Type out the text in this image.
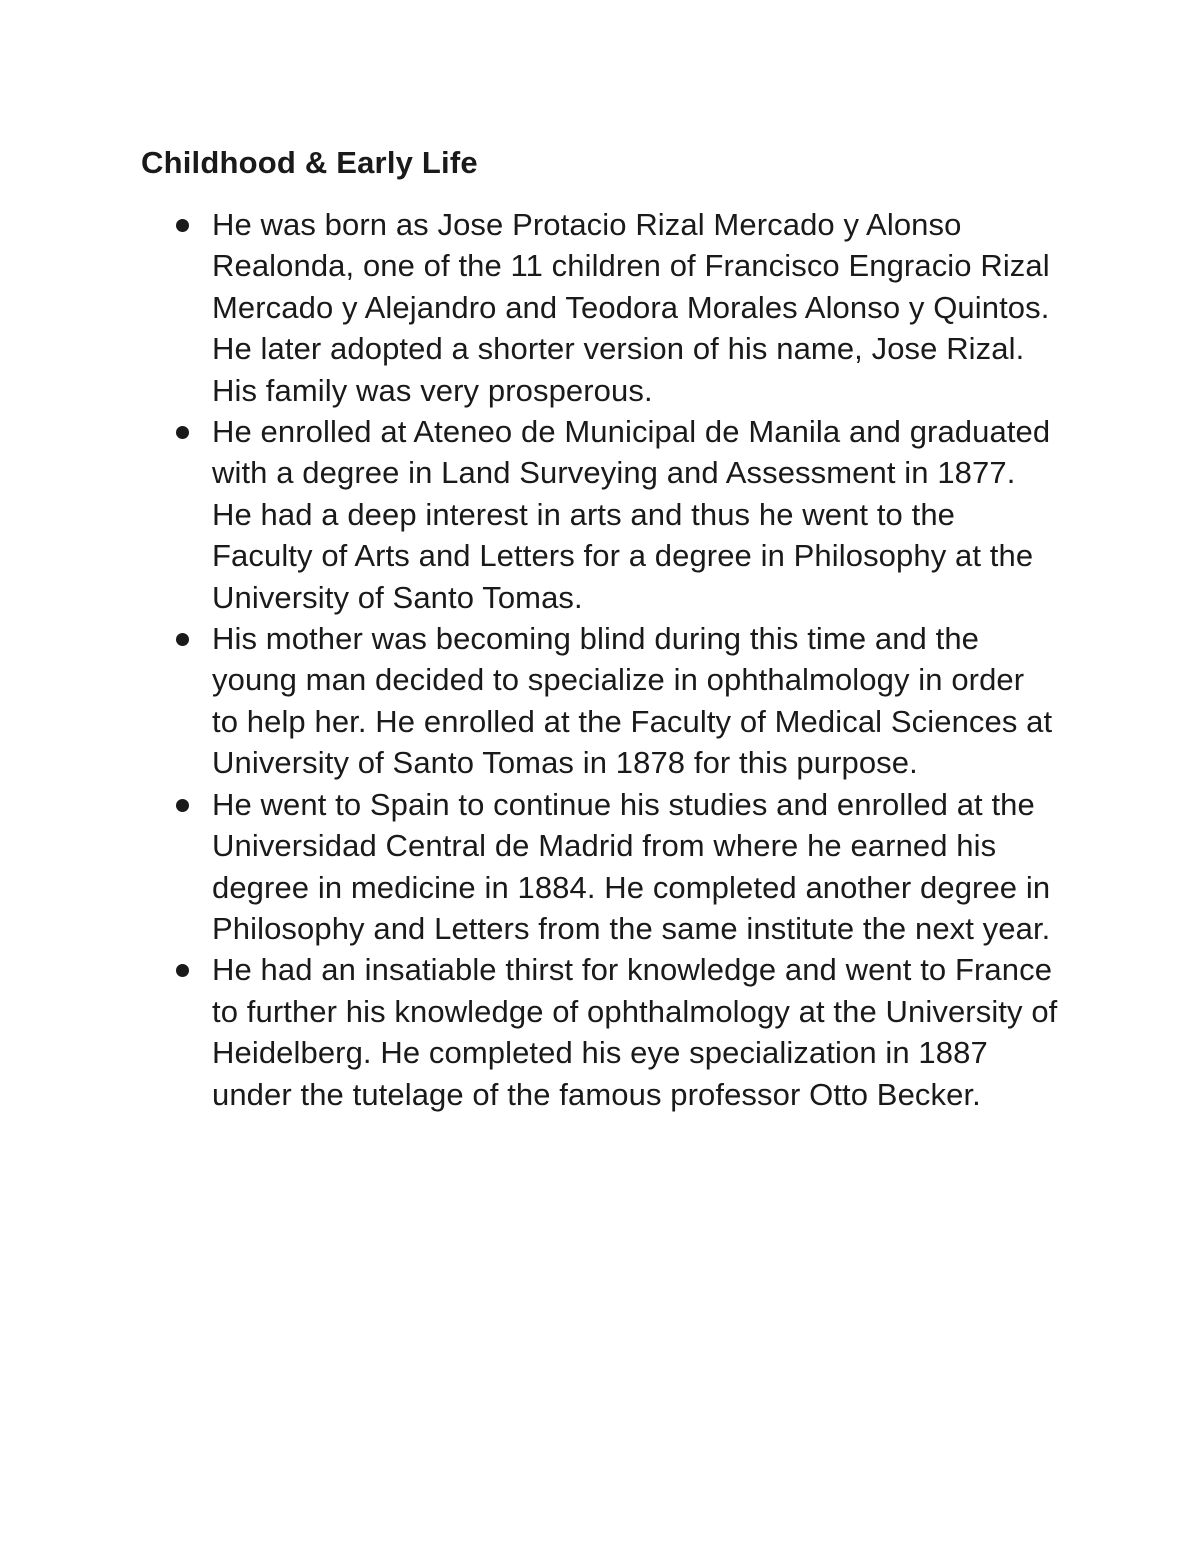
Childhood & Early Life
He was born as Jose Protacio Rizal Mercado y Alonso Realonda, one of the 11 children of Francisco Engracio Rizal Mercado y Alejandro and Teodora Morales Alonso y Quintos. He later adopted a shorter version of his name, Jose Rizal. His family was very prosperous.
He enrolled at Ateneo de Municipal de Manila and graduated with a degree in Land Surveying and Assessment in 1877. He had a deep interest in arts and thus he went to the Faculty of Arts and Letters for a degree in Philosophy at the University of Santo Tomas.
His mother was becoming blind during this time and the young man decided to specialize in ophthalmology in order to help her. He enrolled at the Faculty of Medical Sciences at University of Santo Tomas in 1878 for this purpose.
He went to Spain to continue his studies and enrolled at the Universidad Central de Madrid from where he earned his degree in medicine in 1884. He completed another degree in Philosophy and Letters from the same institute the next year.
He had an insatiable thirst for knowledge and went to France to further his knowledge of ophthalmology at the University of Heidelberg. He completed his eye specialization in 1887 under the tutelage of the famous professor Otto Becker.
